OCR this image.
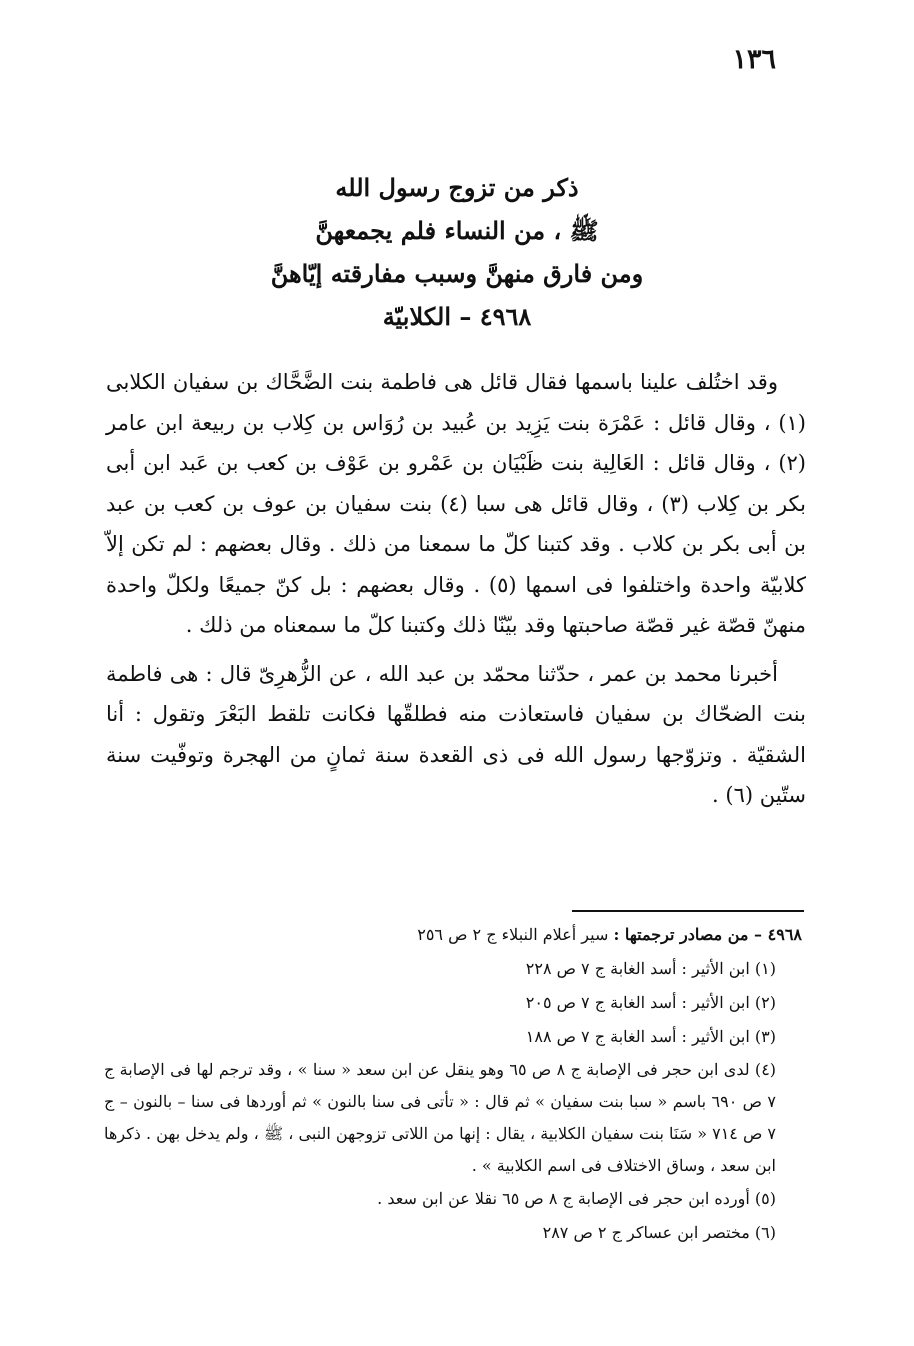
١٣٦
ذكر من تزوج رسول الله
ﷺ ، من النساء فلم يجمعهنَّ
ومن فارق منهنَّ وسبب مفارقته إيّاهنَّ
٤٩٦٨ – الكلابيّة

وقد اختُلف علينا باسمها فقال قائل هى فاطمة بنت الضَّحَّاك بن سفيان الكلابى (١) ، وقال قائل : عَمْرَة بنت يَزِيد بن عُبيد بن رُوَاس بن كِلاب بن ربيعة ابن عامر (٢) ، وقال قائل : العَالِية بنت ظَبْيَان بن عَمْرو بن عَوْف بن كعب بن عَبد ابن أبى بكر بن كِلاب (٣) ، وقال قائل هى سبا (٤) بنت سفيان بن عوف بن كعب بن عبد بن أبى بكر بن كلاب . وقد كتبنا كلّ ما سمعنا من ذلك . وقال بعضهم : لم تكن إلاّ كلابيّة واحدة واختلفوا فى اسمها (٥) . وقال بعضهم : بل كنّ جميعًا ولكلّ واحدة منهنّ قصّة غير قصّة صاحبتها وقد بيّنّا ذلك وكتبنا كلّ ما سمعناه من ذلك .

أخبرنا محمد بن عمر ، حدّثنا محمّد بن عبد الله ، عن الزُّهرِىّ قال : هى فاطمة بنت الضحّاك بن سفيان فاستعاذت منه فطلقّها فكانت تلقط البَعْرَ وتقول : أنا الشقيّة . وتزوّجها رسول الله فى ذى القعدة سنة ثمانٍ من الهجرة وتوفّيت سنة ستّين (٦) .

٤٩٦٨ – من مصادر ترجمتها : سير أعلام النبلاء ج ٢ ص ٢٥٦

(١) ابن الأثير : أسد الغابة ج ٧ ص ٢٢٨

(٢) ابن الأثير : أسد الغابة ج ٧ ص ٢٠٥

(٣) ابن الأثير : أسد الغابة ج ٧ ص ١٨٨

(٤) لدى ابن حجر فى الإصابة ج ٨ ص ٦٥ وهو ينقل عن ابن سعد « سنا » ، وقد ترجم لها فى الإصابة ج ٧ ص ٦٩٠ باسم « سبا بنت سفيان » ثم قال : « تأتى فى سنا بالنون » ثم أوردها فى سنا – بالنون – ج ٧ ص ٧١٤ « سَنَا بنت سفيان الكلابية ، يقال : إنها من اللاتى تزوجهن النبى ، ﷺ ، ولم يدخل بهن . ذكرها ابن سعد ، وساق الاختلاف فى اسم الكلابية » .

(٥) أورده ابن حجر فى الإصابة ج ٨ ص ٦٥ نقلا عن ابن سعد .

(٦) مختصر ابن عساكر ج ٢ ص ٢٨٧
